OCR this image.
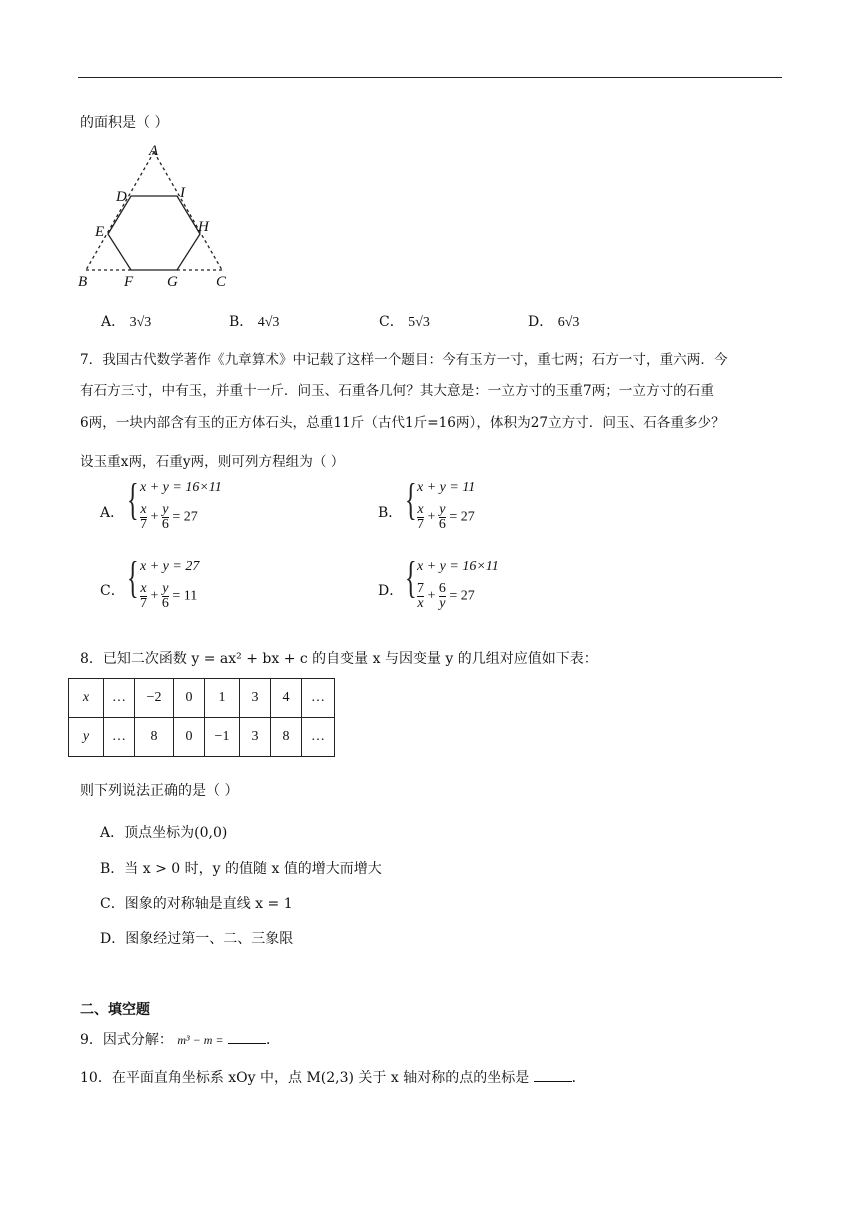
的面积是（ ）
A
D	I
E	H
B F G	C
A． 3√3	B． 4√3	C． 5√3	D． 6√3
7．我国古代数学著作《九章算术》中记载了这样一个题目：今有玉方一寸，重七两；石方一寸，重六两．今
有石方三寸，中有玉，并重十一斤．问玉、石重各几何？其大意是：一立方寸的玉重7两；一立方寸的石重
6两，一块内部含有玉的正方体石头，总重11斤（古代1斤=16两），体积为27立方寸．问玉、石各重多少？
设玉重x两，石重y两，则可列方程组为（ ）
A． { x + y = 16×11
$\frac{x}{7} + \frac{y}{6} = 27$	B． { x + y = 11
$\frac{x}{7} + \frac{y}{6} = 27$
C． { x + y = 27
$\frac{x}{7} + \frac{y}{6} = 11$	D． { x + y = 16×11
$\frac{7}{x} + \frac{6}{y} = 27$
8．已知二次函数 y = ax² + bx + c 的自变量 x 与因变量 y 的几组对应值如下表：
x	…	−2	0	1	3	4	…
y	…	8	0	−1	3	8	…
则下列说法正确的是（ ）
A．顶点坐标为(0,0)
B．当 x > 0 时，y 的值随 x 值的增大而增大
C．图象的对称轴是直线 x = 1
D．图象经过第一、二、三象限
二、填空题
9．因式分解： m³ − m =	．
10．在平面直角坐标系 xOy 中，点 M(2,3) 关于 x 轴对称的点的坐标是	．
